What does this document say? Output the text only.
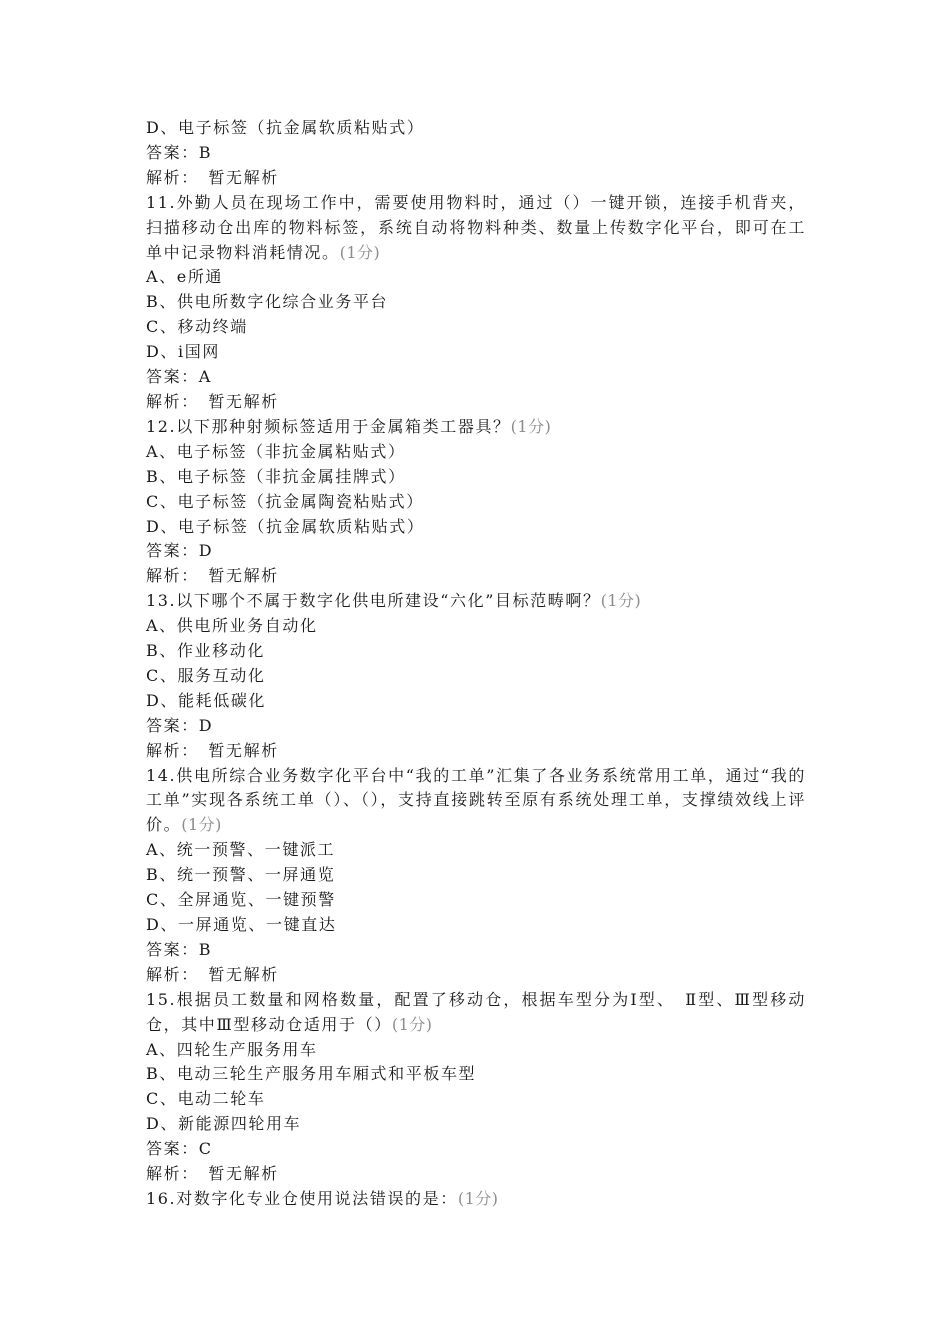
D、电子标签（抗金属软质粘贴式）
答案：B
解析：　暂无解析
11.外勤人员在现场工作中，需要使用物料时，通过（）一键开锁，连接手机背夹，扫描移动仓出库的物料标签，系统自动将物料种类、数量上传数字化平台，即可在工单中记录物料消耗情况。(1分)
A、e所通
B、供电所数字化综合业务平台
C、移动终端
D、i国网
答案：A
解析：　暂无解析
12.以下那种射频标签适用于金属箱类工器具？(1分)
A、电子标签（非抗金属粘贴式）
B、电子标签（非抗金属挂牌式）
C、电子标签（抗金属陶瓷粘贴式）
D、电子标签（抗金属软质粘贴式）
答案：D
解析：　暂无解析
13.以下哪个不属于数字化供电所建设“六化”目标范畴啊？(1分)
A、供电所业务自动化
B、作业移动化
C、服务互动化
D、能耗低碳化
答案：D
解析：　暂无解析
14.供电所综合业务数字化平台中“我的工单”汇集了各业务系统常用工单，通过“我的工单”实现各系统工单（）、（），支持直接跳转至原有系统处理工单，支撑绩效线上评价。(1分)
A、统一预警、一键派工
B、统一预警、一屏通览
C、全屏通览、一键预警
D、一屏通览、一键直达
答案：B
解析：　暂无解析
15.根据员工数量和网格数量，配置了移动仓，根据车型分为Ⅰ型、　Ⅱ型、Ⅲ型移动仓，其中Ⅲ型移动仓适用于（）(1分)
A、四轮生产服务用车
B、电动三轮生产服务用车厢式和平板车型
C、电动二轮车
D、新能源四轮用车
答案：C
解析：　暂无解析
16.对数字化专业仓使用说法错误的是：(1分)
